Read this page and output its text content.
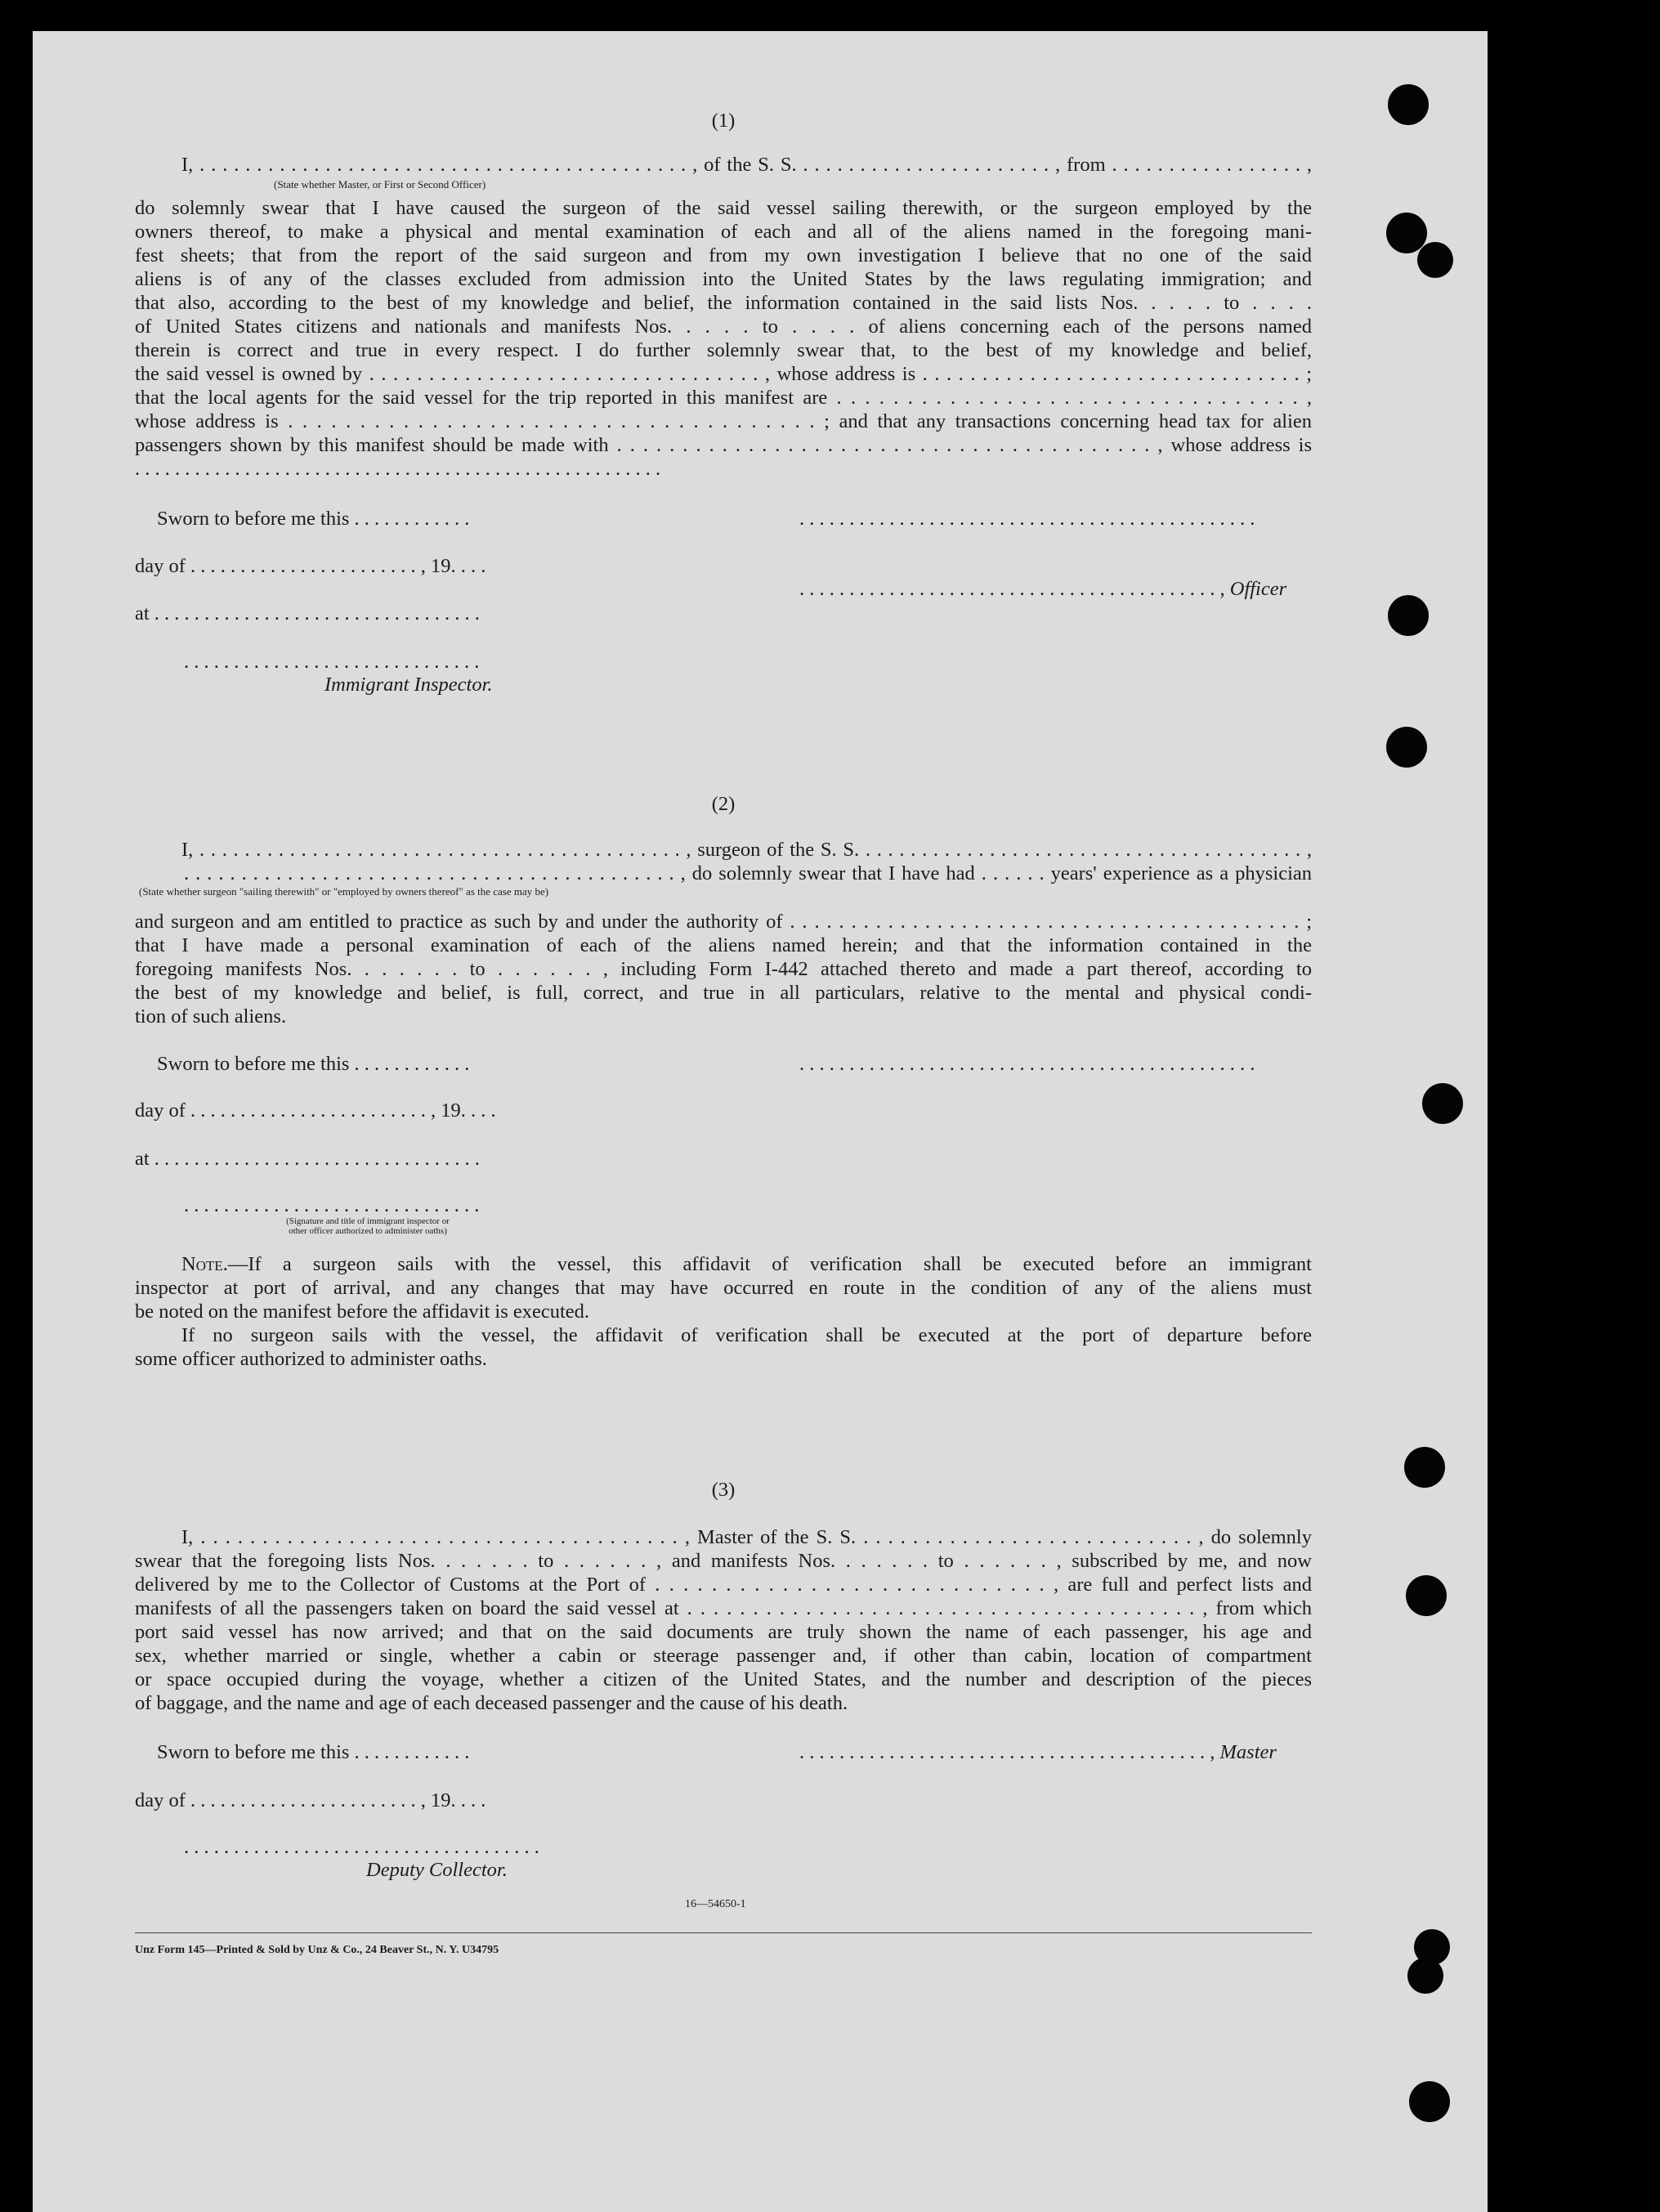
(1)
I, . . . . . . . . . . . . . . . . . . . . . . . . . . . . . . . . . . . . . . . . . . . , of the S. S. . . . . . . . . . . . . . . . . . . . . . . , from . . . . . . . . . . . . . . . . . ,
(State whether Master, or First or Second Officer)
do solemnly swear that I have caused the surgeon of the said vessel sailing therewith, or the surgeon employed by the
owners thereof, to make a physical and mental examination of each and all of the aliens named in the foregoing mani-
fest sheets; that from the report of the said surgeon and from my own investigation I believe that no one of the said
aliens is of any of the classes excluded from admission into the United States by the laws regulating immigration; and
that also, according to the best of my knowledge and belief, the information contained in the said lists Nos. . . . . to . . . .
of United States citizens and nationals and manifests Nos. . . . . to . . . . of aliens concerning each of the persons named
therein is correct and true in every respect. I do further solemnly swear that, to the best of my knowledge and belief,
the said vessel is owned by . . . . . . . . . . . . . . . . . . . . . . . . . . . . . . . . . , whose address is . . . . . . . . . . . . . . . . . . . . . . . . . . . . . . . . ;
that the local agents for the said vessel for the trip reported in this manifest are . . . . . . . . . . . . . . . . . . . . . . . . . . . . . . . . . ,
whose address is . . . . . . . . . . . . . . . . . . . . . . . . . . . . . . . . . . . . . ; and that any transactions concerning head tax for alien
passengers shown by this manifest should be made with . . . . . . . . . . . . . . . . . . . . . . . . . . . . . . . . . . . . . . . . . , whose address is
. . . . . . . . . . . . . . . . . . . . . . . . . . . . . . . . . . . . . . . . . . . . . . . . . . . . .
Sworn to before me this . . . . . . . . . . . .	. . . . . . . . . . . . . . . . . . . . . . . . . . . . . . . . . . . . . . . . . . . . . .
day of . . . . . . . . . . . . . . . . . . . . . . . , 19. . . .
. . . . . . . . . . . . . . . . . . . . . . . . . . . . . . . . . . . . . . . . . . , Officer
at . . . . . . . . . . . . . . . . . . . . . . . . . . . . . . . . .
. . . . . . . . . . . . . . . . . . . . . . . . . . . . . .
Immigrant Inspector.
(2)
I, . . . . . . . . . . . . . . . . . . . . . . . . . . . . . . . . . . . . . . . . . . . , surgeon of the S. S. . . . . . . . . . . . . . . . . . . . . . . . . . . . . . . . . . . . . . . . ,
. . . . . . . . . . . . . . . . . . . . . . . . . . . . . . . . . . . . . . . . . . . , do solemnly swear that I have had . . . . . . years' experience as a physician
(State whether surgeon "sailing therewith" or "employed by owners thereof" as the case may be)
and surgeon and am entitled to practice as such by and under the authority of . . . . . . . . . . . . . . . . . . . . . . . . . . . . . . . . . . . . . . . . . . ;
that I have made a personal examination of each of the aliens named herein; and that the information contained in the
foregoing manifests Nos. . . . . . . to . . . . . . , including Form I-442 attached thereto and made a part thereof, according to
the best of my knowledge and belief, is full, correct, and true in all particulars, relative to the mental and physical condi-
tion of such aliens.
Sworn to before me this . . . . . . . . . . . .	. . . . . . . . . . . . . . . . . . . . . . . . . . . . . . . . . . . . . . . . . . . . . .
day of . . . . . . . . . . . . . . . . . . . . . . . . , 19. . . .
at . . . . . . . . . . . . . . . . . . . . . . . . . . . . . . . . .
. . . . . . . . . . . . . . . . . . . . . . . . . . . . . .
(Signature and title of immigrant inspector or
other officer authorized to administer oaths)
Note.—If a surgeon sails with the vessel, this affidavit of verification shall be executed before an immigrant
inspector at port of arrival, and any changes that may have occurred en route in the condition of any of the aliens must
be noted on the manifest before the affidavit is executed.
If no surgeon sails with the vessel, the affidavit of verification shall be executed at the port of departure before
some officer authorized to administer oaths.
(3)
I, . . . . . . . . . . . . . . . . . . . . . . . . . . . . . . . . . . . . . . . , Master of the S. S. . . . . . . . . . . . . . . . . . . . . . . . . . . . , do solemnly
swear that the foregoing lists Nos. . . . . . . to . . . . . . , and manifests Nos. . . . . . . to . . . . . . , subscribed by me, and now
delivered by me to the Collector of Customs at the Port of . . . . . . . . . . . . . . . . . . . . . . . . . . . . , are full and perfect lists and
manifests of all the passengers taken on board the said vessel at . . . . . . . . . . . . . . . . . . . . . . . . . . . . . . . . . . . . . . . , from which
port said vessel has now arrived; and that on the said documents are truly shown the name of each passenger, his age and
sex, whether married or single, whether a cabin or steerage passenger and, if other than cabin, location of compartment
or space occupied during the voyage, whether a citizen of the United States, and the number and description of the pieces
of baggage, and the name and age of each deceased passenger and the cause of his death.
Sworn to before me this . . . . . . . . . . . .	. . . . . . . . . . . . . . . . . . . . . . . . . . . . . . . . . . . . . . . . . , Master
day of . . . . . . . . . . . . . . . . . . . . . . . , 19. . . .
. . . . . . . . . . . . . . . . . . . . . . . . . . . . . . . . . . . .
Deputy Collector.
16—54650-1
Unz Form 145—Printed & Sold by Unz & Co., 24 Beaver St., N. Y. U34795
